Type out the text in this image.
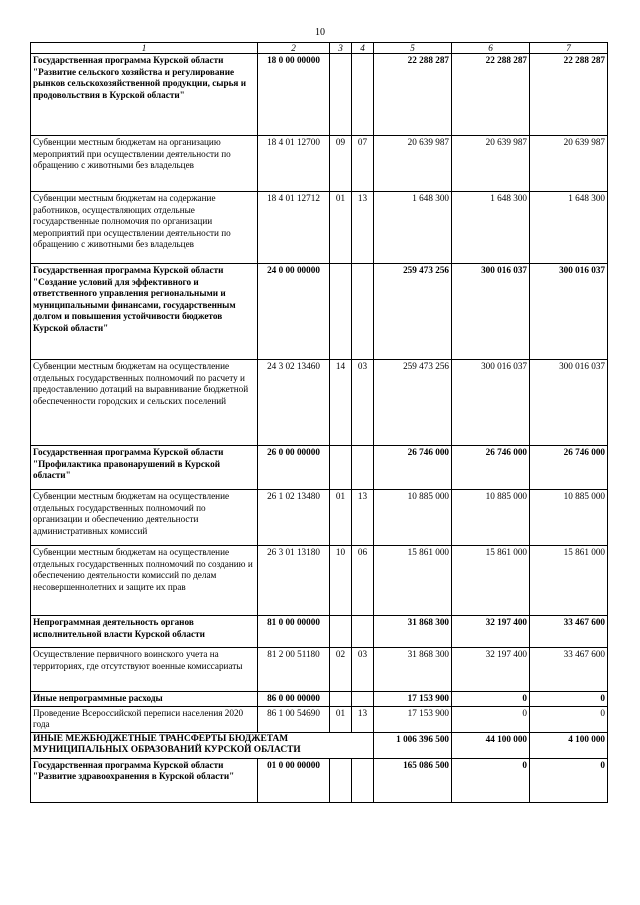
10
1	2	3	4	5	6	7
Государственная программа Курской области "Развитие сельского хозяйства и регулирование рынков сельскохозяйственной продукции, сырья и продовольствия в Курской области"	18 0 00 00000			22 288 287	22 288 287	22 288 287
Субвенции местным бюджетам на организацию мероприятий при осуществлении деятельности по обращению с животными без владельцев	18 4 01 12700	09	07	20 639 987	20 639 987	20 639 987
Субвенции местным бюджетам на содержание работников, осуществляющих отдельные государственные полномочия по организации мероприятий при осуществлении деятельности по обращению с животными без владельцев	18 4 01 12712	01	13	1 648 300	1 648 300	1 648 300
Государственная программа Курской области "Создание условий для эффективного и ответственного управления региональными и муниципальными финансами, государственным долгом и повышения устойчивости бюджетов Курской области"	24 0 00 00000			259 473 256	300 016 037	300 016 037
Субвенции местным бюджетам на осуществление отдельных государственных полномочий по расчету и предоставлению дотаций на выравнивание бюджетной обеспеченности городских и сельских поселений	24 3 02 13460	14	03	259 473 256	300 016 037	300 016 037
Государственная программа Курской области "Профилактика правонарушений в Курской области"	26 0 00 00000			26 746 000	26 746 000	26 746 000
Субвенции местным бюджетам на осуществление отдельных государственных полномочий по организации и обеспечению деятельности административных комиссий	26 1 02 13480	01	13	10 885 000	10 885 000	10 885 000
Субвенции местным бюджетам на осуществление отдельных государственных полномочий по созданию и обеспечению деятельности комиссий по делам несовершеннолетних и защите их прав	26 3 01 13180	10	06	15 861 000	15 861 000	15 861 000
Непрограммная деятельность органов исполнительной власти Курской области	81 0 00 00000			31 868 300	32 197 400	33 467 600
Осуществление первичного воинского учета на территориях, где отсутствуют военные комиссариаты	81 2 00 51180	02	03	31 868 300	32 197 400	33 467 600
Иные непрограммные расходы	86 0 00 00000			17 153 900	0	0
Проведение Всероссийской переписи населения 2020 года	86 1 00 54690	01	13	17 153 900	0	0
ИНЫЕ МЕЖБЮДЖЕТНЫЕ ТРАНСФЕРТЫ БЮДЖЕТАМ МУНИЦИПАЛЬНЫХ ОБРАЗОВАНИЙ КУРСКОЙ ОБЛАСТИ				1 006 396 500	44 100 000	4 100 000
Государственная программа Курской области "Развитие здравоохранения в Курской области"	01 0 00 00000			165 086 500	0	0
